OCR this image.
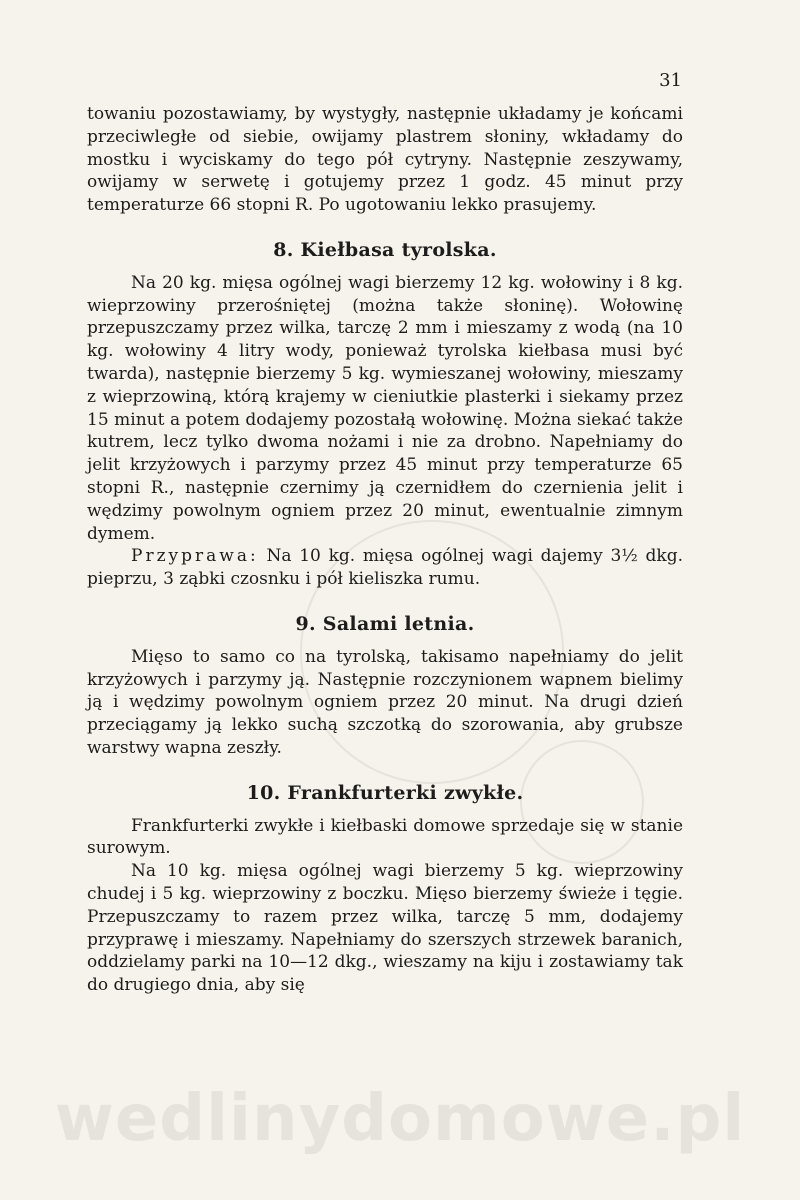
31

towaniu pozostawiamy, by wystygły, następnie układamy je końcami przeciwległe od siebie, owijamy plastrem słoniny, wkładamy do mostku i wyciskamy do tego pół cytryny. Następnie zeszywamy, owijamy w serwetę i gotujemy przez 1 godz. 45 minut przy temperaturze 66 stopni R. Po ugotowaniu lekko prasujemy.

8. Kiełbasa tyrolska.

Na 20 kg. mięsa ogólnej wagi bierzemy 12 kg. wołowiny i 8 kg. wieprzowiny przerośniętej (można także słoninę). Wołowinę przepuszczamy przez wilka, tarczę 2 mm i mieszamy z wodą (na 10 kg. wołowiny 4 litry wody, ponieważ tyrolska kiełbasa musi być twarda), następnie bierzemy 5 kg. wymieszanej wołowiny, mieszamy z wieprzowiną, którą krajemy w cieniutkie plasterki i siekamy przez 15 minut a potem dodajemy pozostałą wołowinę. Można siekać także kutrem, lecz tylko dwoma nożami i nie za drobno. Napełniamy do jelit krzyżowych i parzymy przez 45 minut przy temperaturze 65 stopni R., następnie czernimy ją czernidłem do czernienia jelit i wędzimy powolnym ogniem przez 20 minut, ewentualnie zimnym dymem.

Przyprawa: Na 10 kg. mięsa ogólnej wagi dajemy 3½ dkg. pieprzu, 3 ząbki czosnku i pół kieliszka rumu.

9. Salami letnia.

Mięso to samo co na tyrolską, takisamo napełniamy do jelit krzyżowych i parzymy ją. Następnie rozczynionem wapnem bielimy ją i wędzimy powolnym ogniem przez 20 minut. Na drugi dzień przeciągamy ją lekko suchą szczotką do szorowania, aby grubsze warstwy wapna zeszły.

10. Frankfurterki zwykłe.

Frankfurterki zwykłe i kiełbaski domowe sprzedaje się w stanie surowym.

Na 10 kg. mięsa ogólnej wagi bierzemy 5 kg. wieprzowiny chudej i 5 kg. wieprzowiny z boczku. Mięso bierzemy świeże i tęgie. Przepuszczamy to razem przez wilka, tarczę 5 mm, dodajemy przyprawę i mieszamy. Napełniamy do szerszych strzewek baranich, oddzielamy parki na 10—12 dkg., wieszamy na kiju i zostawiamy tak do drugiego dnia, aby się

wedlinydomowe.pl
